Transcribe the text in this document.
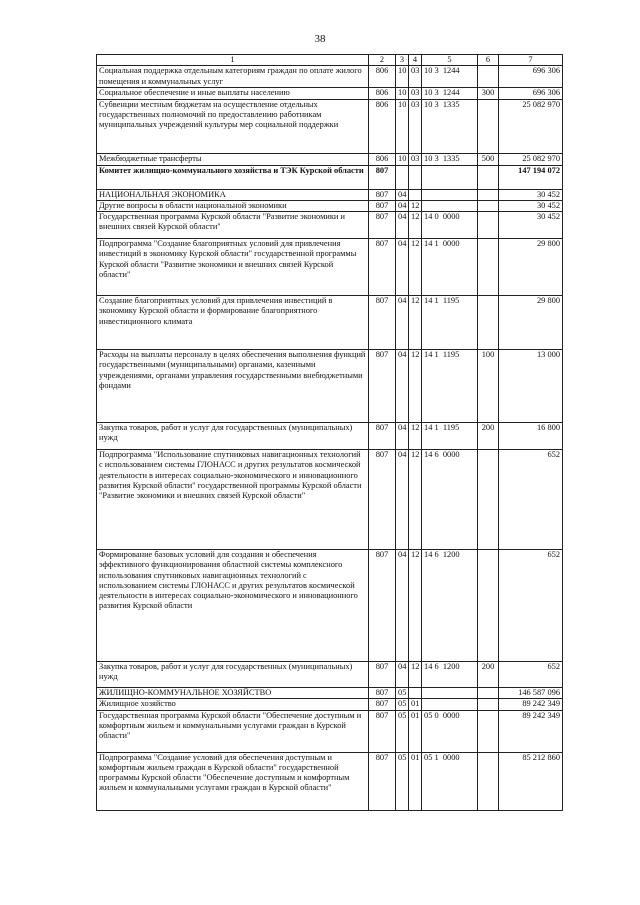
38
1	2	3	4	5	6	7
Социальная поддержка отдельным категориям граждан по оплате жилого помещения и коммунальных услуг	806	10	03	10 3  1244		696 306
Социальное обеспечение и иные выплаты населению	806	10	03	10 3  1244	300	696 306
Субвенции местным бюджетам на осуществление отдельных государственных полномочий по предоставлению работникам муниципальных учреждений культуры мер социальной поддержки	806	10	03	10 3  1335		25 082 970
Межбюджетные трансферты	806	10	03	10 3  1335	500	25 082 970
Комитет жилищно-коммунального хозяйства и ТЭК Курской области	807					147 194 072
НАЦИОНАЛЬНАЯ ЭКОНОМИКА	807	04				30 452
Другие вопросы в области национальной экономики	807	04	12			30 452
Государственная программа Курской области "Развитие экономики и внешних связей Курской области"	807	04	12	14 0  0000		30 452
Подпрограмма "Создание благоприятных условий для привлечения инвестиций в экономику Курской области" государственной программы Курской области "Развитие экономики и внешних связей Курской области"	807	04	12	14 1  0000		29 800
Создание благоприятных условий для привлечения инвестиций в экономику Курской области и формирование благоприятного инвестиционного климата	807	04	12	14 1  1195		29 800
Расходы на выплаты персоналу в целях обеспечения выполнения функций государственными (муниципальными) органами, казенными учреждениями, органами управления государственными внебюджетными фондами	807	04	12	14 1  1195	100	13 000
Закупка товаров, работ и услуг для государственных (муниципальных) нужд	807	04	12	14 1  1195	200	16 800
Подпрограмма "Использование спутниковых навигационных технологий с использованием системы ГЛОНАСС и других результатов космической деятельности в интересах социально-экономического и инновационного развития Курской области" государственной программы Курской области "Развитие экономики и внешних связей Курской области"	807	04	12	14 6  0000		652
Формирование базовых условий для создания и обеспечения эффективного функционирования областной системы комплексного использования спутниковых навигационных технологий с использованием системы ГЛОНАСС и других результатов космической деятельности в интересах социально-экономического и инновационного развития Курской области	807	04	12	14 6  1200		652
Закупка товаров, работ и услуг для государственных (муниципальных) нужд	807	04	12	14 6  1200	200	652
ЖИЛИЩНО-КОММУНАЛЬНОЕ ХОЗЯЙСТВО	807	05				146 587 096
Жилищное хозяйство	807	05	01			89 242 349
Государственная программа Курской области "Обеспечение доступным и комфортным жильем и коммунальными услугами граждан в Курской области"	807	05	01	05 0  0000		89 242 349
Подпрограмма "Создание условий для обеспечения доступным и комфортным жильем граждан в Курской области" государственной программы Курской области "Обеспечение доступным и комфортным жильем и коммунальными услугами граждан в Курской области"	807	05	01	05 1  0000		85 212 860
